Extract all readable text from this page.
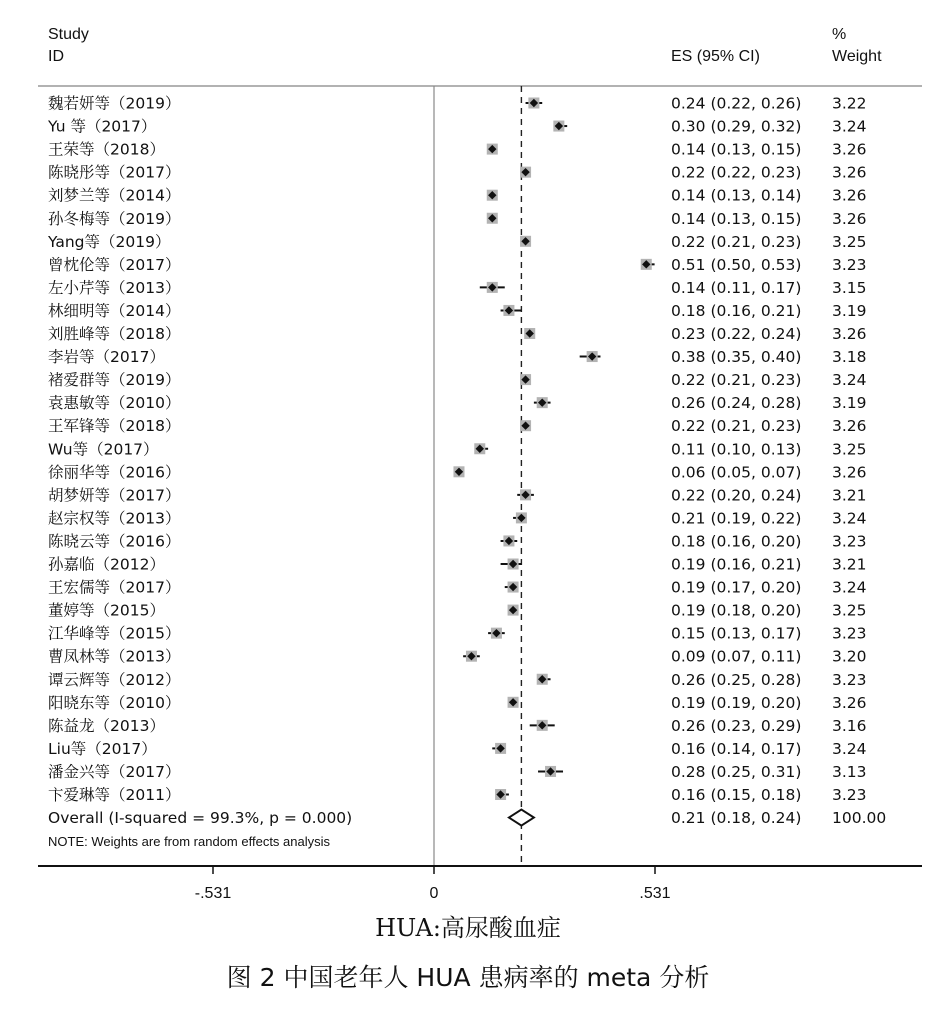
Study
ID	ES (95% CI)
%
Weight
魏若妍等（2019）	0.24 (0.22, 0.26) 3.22
Yu 等（2017）	0.30 (0.29, 0.32) 3.24
王荣等（2018）	0.14 (0.13, 0.15) 3.26
陈晓彤等（2017）	0.22 (0.22, 0.23) 3.26
刘梦兰等（2014）	0.14 (0.13, 0.14) 3.26
孙冬梅等（2019）	0.14 (0.13, 0.15) 3.26
Yang等（2019）	0.22 (0.21, 0.23) 3.25
曾枕伦等（2017）	0.51 (0.50, 0.53) 3.23
左小芹等（2013）	0.14 (0.11, 0.17) 3.15
林细明等（2014）	0.18 (0.16, 0.21) 3.19
刘胜峰等（2018）	0.23 (0.22, 0.24) 3.26
李岩等（2017）	0.38 (0.35, 0.40) 3.18
褚爱群等（2019）	0.22 (0.21, 0.23) 3.24
袁惠敏等（2010）	0.26 (0.24, 0.28) 3.19
王军锋等（2018）	0.22 (0.21, 0.23) 3.26
Wu等（2017）	0.11 (0.10, 0.13) 3.25
徐丽华等（2016）	0.06 (0.05, 0.07) 3.26
胡梦妍等（2017）	0.22 (0.20, 0.24) 3.21
赵宗权等（2013）	0.21 (0.19, 0.22) 3.24
陈晓云等（2016）	0.18 (0.16, 0.20) 3.23
孙嘉临（2012）	0.19 (0.16, 0.21) 3.21
王宏儒等（2017）	0.19 (0.17, 0.20) 3.24
董婷等（2015）	0.19 (0.18, 0.20) 3.25
江华峰等（2015）	0.15 (0.13, 0.17) 3.23
曹凤林等（2013）	0.09 (0.07, 0.11) 3.20
谭云辉等（2012）	0.26 (0.25, 0.28) 3.23
阳晓东等（2010）	0.19 (0.19, 0.20) 3.26
陈益龙（2013）	0.26 (0.23, 0.29) 3.16
Liu等（2017）	0.16 (0.14, 0.17) 3.24
潘金兴等（2017）	0.28 (0.25, 0.31) 3.13
卞爱琳等（2011）	0.16 (0.15, 0.18) 3.23
Overall (I-squared = 99.3%, p = 0.000)	0.21 (0.18, 0.24) 100.00
-.531	0	.531
NOTE: Weights are from random effects analysis
HUA:高尿酸血症
图 2 中国老年人 HUA 患病率的 meta 分析
